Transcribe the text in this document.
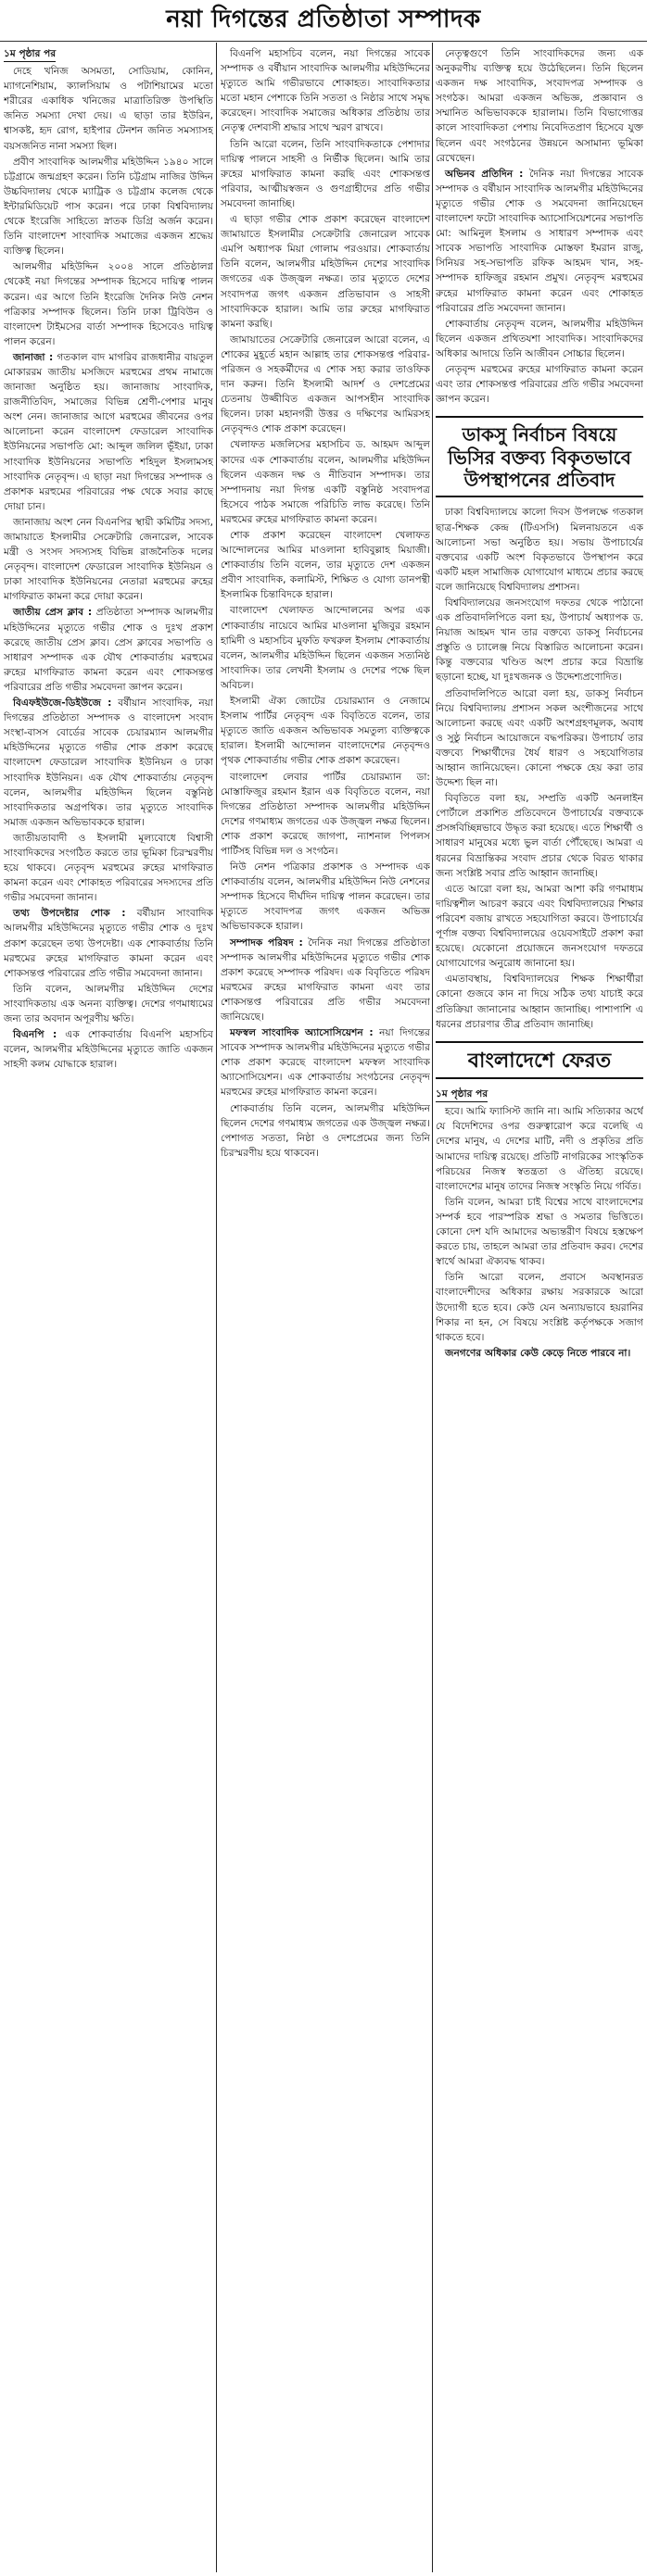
নয়া দিগন্তের প্রতিষ্ঠাতা সম্পাদক
১ম পৃষ্ঠার পর

দেহে খনিজ অসমতা, সোডিয়াম, কোনিন, ম্যাগনেশিয়াম, ক্যালসিয়াম ও পটাশিয়ামের মতো শরীরের একাধিক খনিজের মাত্রাতিরিক্ত উপস্থিতি জনিত সমস্যা দেখা দেয়। এ ছাড়া তার ইউরিন, শ্বাসকষ্ট, হৃদ রোগ, হাইপার টেনশন জনিত সমস্যাসহ বয়সজনিত নানা সমস্যা ছিল।

প্রবীণ সাংবাদিক আলমগীর মহিউদ্দিন ১৯৪০ সালে চট্টগ্রামে জন্মগ্রহণ করেন। তিনি চট্টগ্রাম নাজির উদ্দিন উচ্চবিদ্যালয় থেকে ম্যাট্রিক ও চট্টগ্রাম কলেজ থেকে ইন্টারমিডিয়েট পাস করেন। পরে ঢাকা বিশ্ববিদ্যালয় থেকে ইংরেজি সাহিত্যে স্নাতক ডিগ্রি অর্জন করেন। তিনি বাংলাদেশ সাংবাদিক সমাজের একজন শ্রদ্ধেয় ব্যক্তিত্ব ছিলেন।

আলমগীর মহিউদ্দিন ২০০৪ সালে প্রতিষ্ঠালগ্ন থেকেই নয়া দিগন্তের সম্পাদক হিসেবে দায়িত্ব পালন করেন। এর আগে তিনি ইংরেজি দৈনিক নিউ নেশন পত্রিকার সম্পাদক ছিলেন। তিনি ঢাকা ট্রিবিউন ও বাংলাদেশ টাইমসের বার্তা সম্পাদক হিসেবেও দায়িত্ব পালন করেন।

জানাজা : গতকাল বাদ মাগরিব রাজধানীর বায়তুল মোকাররম জাতীয় মসজিদে মরহুমের প্রথম নামাজে জানাজা অনুষ্ঠিত হয়। জানাজায় সাংবাদিক, রাজনীতিবিদ, সমাজের বিভিন্ন শ্রেণী-পেশার মানুষ অংশ নেন। জানাজার আগে মরহুমের জীবনের ওপর আলোচনা করেন বাংলাদেশ ফেডারেল সাংবাদিক ইউনিয়নের সভাপতি মো: আব্দুল জলিল ভূঁইয়া, ঢাকা সাংবাদিক ইউনিয়নের সভাপতি শহিদুল ইসলামসহ সাংবাদিক নেতৃবৃন্দ। এ ছাড়া নয়া দিগন্তের সম্পাদক ও প্রকাশক মরহুমের পরিবারের পক্ষ থেকে সবার কাছে দোয়া চান।

জানাজায় অংশ নেন বিএনপির স্থায়ী কমিটির সদস্য, জামায়াতে ইসলামীর সেক্রেটারি জেনারেল, সাবেক মন্ত্রী ও সংসদ সদস্যসহ বিভিন্ন রাজনৈতিক দলের নেতৃবৃন্দ। বাংলাদেশ ফেডারেল সাংবাদিক ইউনিয়ন ও ঢাকা সাংবাদিক ইউনিয়নের নেতারা মরহুমের রুহের মাগফিরাত কামনা করে দোয়া করেন।

জাতীয় প্রেস ক্লাব : প্রতিষ্ঠাতা সম্পাদক আলমগীর মহিউদ্দিনের মৃত্যুতে গভীর শোক ও দুঃখ প্রকাশ করেছে জাতীয় প্রেস ক্লাব। প্রেস ক্লাবের সভাপতি ও সাধারণ সম্পাদক এক যৌথ শোকবার্তায় মরহুমের রুহের মাগফিরাত কামনা করেন এবং শোকসন্তপ্ত পরিবারের প্রতি গভীর সমবেদনা জ্ঞাপন করেন।

বিএফইউজে-ডিইউজে : বর্ষীয়ান সাংবাদিক, নয়া দিগন্তের প্রতিষ্ঠাতা সম্পাদক ও বাংলাদেশ সংবাদ সংস্থা-বাসস বোর্ডের সাবেক চেয়ারম্যান আলমগীর মহিউদ্দিনের মৃত্যুতে গভীর শোক প্রকাশ করেছে বাংলাদেশ ফেডারেল সাংবাদিক ইউনিয়ন ও ঢাকা সাংবাদিক ইউনিয়ন। এক যৌথ শোকবার্তায় নেতৃবৃন্দ বলেন, আলমগীর মহিউদ্দিন ছিলেন বস্তুনিষ্ঠ সাংবাদিকতার অগ্রপথিক। তার মৃত্যুতে সাংবাদিক সমাজ একজন অভিভাবককে হারাল।

জাতীয়তাবাদী ও ইসলামী মূল্যবোধে বিশ্বাসী সাংবাদিকদের সংগঠিত করতে তার ভূমিকা চিরস্মরণীয় হয়ে থাকবে। নেতৃবৃন্দ মরহুমের রুহের মাগফিরাত কামনা করেন এবং শোকাহত পরিবারের সদস্যদের প্রতি গভীর সমবেদনা জানান।

তথ্য উপদেষ্টার শোক : বর্ষীয়ান সাংবাদিক আলমগীর মহিউদ্দিনের মৃত্যুতে গভীর শোক ও দুঃখ প্রকাশ করেছেন তথ্য উপদেষ্টা। এক শোকবার্তায় তিনি মরহুমের রুহের মাগফিরাত কামনা করেন এবং শোকসন্তপ্ত পরিবারের প্রতি গভীর সমবেদনা জানান।

তিনি বলেন, আলমগীর মহিউদ্দিন দেশের সাংবাদিকতায় এক অনন্য ব্যক্তিত্ব। দেশের গণমাধ্যমের জন্য তার অবদান অপূরণীয় ক্ষতি।

বিএনপি : এক শোকবার্তায় বিএনপি মহাসচিব বলেন, আলমগীর মহিউদ্দিনের মৃত্যুতে জাতি একজন সাহসী কলম যোদ্ধাকে হারাল।

বিএনপি মহাসচিব বলেন, নয়া দিগন্তের সাবেক সম্পাদক ও বর্ষীয়ান সাংবাদিক আলমগীর মহিউদ্দিনের মৃত্যুতে আমি গভীরভাবে শোকাহত। সাংবাদিকতার মতো মহান পেশাকে তিনি সততা ও নিষ্ঠার সাথে সমৃদ্ধ করেছেন। সাংবাদিক সমাজের অধিকার প্রতিষ্ঠায় তার নেতৃত্ব দেশবাসী শ্রদ্ধার সাথে স্মরণ রাখবে।

তিনি আরো বলেন, তিনি সাংবাদিকতাকে পেশাদার দায়িত্ব পালনে সাহসী ও নির্ভীক ছিলেন। আমি তার রুহের মাগফিরাত কামনা করছি এবং শোকসন্তপ্ত পরিবার, আত্মীয়স্বজন ও গুণগ্রাহীদের প্রতি গভীর সমবেদনা জানাচ্ছি।

এ ছাড়া গভীর শোক প্রকাশ করেছেন বাংলাদেশ জামায়াতে ইসলামীর সেক্রেটারি জেনারেল সাবেক এমপি অধ্যাপক মিয়া গোলাম পরওয়ার। শোকবার্তায় তিনি বলেন, আলমগীর মহিউদ্দিন দেশের সাংবাদিক জগতের এক উজ্জ্বল নক্ষত্র। তার মৃত্যুতে দেশের সংবাদপত্র জগৎ একজন প্রতিভাবান ও সাহসী সাংবাদিককে হারাল। আমি তার রুহের মাগফিরাত কামনা করছি।

জামায়াতের সেক্রেটারি জেনারেল আরো বলেন, এ শোকের মুহূর্তে মহান আল্লাহ তার শোকসন্তপ্ত পরিবার-পরিজন ও সহকর্মীদের এ শোক সহ্য করার তাওফিক দান করুন। তিনি ইসলামী আদর্শ ও দেশপ্রেমের চেতনায় উজ্জীবিত একজন আপসহীন সাংবাদিক ছিলেন। ঢাকা মহানগরী উত্তর ও দক্ষিণের আমিরসহ নেতৃবৃন্দও শোক প্রকাশ করেছেন।

খেলাফত মজলিসের মহাসচিব ড. আহমদ আব্দুল কাদের এক শোকবার্তায় বলেন, আলমগীর মহিউদ্দিন ছিলেন একজন দক্ষ ও নীতিবান সম্পাদক। তার সম্পাদনায় নয়া দিগন্ত একটি বস্তুনিষ্ঠ সংবাদপত্র হিসেবে পাঠক সমাজে পরিচিতি লাভ করেছে। তিনি মরহুমের রুহের মাগফিরাত কামনা করেন।

শোক প্রকাশ করেছেন বাংলাদেশ খেলাফত আন্দোলনের আমির মাওলানা হাবিবুল্লাহ মিয়াজী। শোকবার্তায় তিনি বলেন, তার মৃত্যুতে দেশ একজন প্রবীণ সাংবাদিক, কলামিস্ট, শিক্ষিত ও যোগ্য ডানপন্থী ইসলামিক চিন্তাবিদকে হারাল।

বাংলাদেশ খেলাফত আন্দোলনের অপর এক শোকবার্তায় নায়েবে আমির মাওলানা মুজিবুর রহমান হামিদী ও মহাসচিব মুফতি ফখরুল ইসলাম শোকবার্তায় বলেন, আলমগীর মহিউদ্দিন ছিলেন একজন সত্যনিষ্ঠ সাংবাদিক। তার লেখনী ইসলাম ও দেশের পক্ষে ছিল অবিচল।

ইসলামী ঐক্য জোটের চেয়ারম্যান ও নেজামে ইসলাম পার্টির নেতৃবৃন্দ এক বিবৃতিতে বলেন, তার মৃত্যুতে জাতি একজন অভিভাবক সমতুল্য ব্যক্তিত্বকে হারাল। ইসলামী আন্দোলন বাংলাদেশের নেতৃবৃন্দও পৃথক শোকবার্তায় গভীর শোক প্রকাশ করেছেন।

বাংলাদেশ লেবার পার্টির চেয়ারম্যান ডা: মোস্তাফিজুর রহমান ইরান এক বিবৃতিতে বলেন, নয়া দিগন্তের প্রতিষ্ঠাতা সম্পাদক আলমগীর মহিউদ্দিন দেশের গণমাধ্যম জগতের এক উজ্জ্বল নক্ষত্র ছিলেন। শোক প্রকাশ করেছে জাগপা, ন্যাশনাল পিপলস পার্টিসহ বিভিন্ন দল ও সংগঠন।

নিউ নেশন পত্রিকার প্রকাশক ও সম্পাদক এক শোকবার্তায় বলেন, আলমগীর মহিউদ্দিন নিউ নেশনের সম্পাদক হিসেবে দীর্ঘদিন দায়িত্ব পালন করেছেন। তার মৃত্যুতে সংবাদপত্র জগৎ একজন অভিজ্ঞ অভিভাবককে হারাল।

সম্পাদক পরিষদ : দৈনিক নয়া দিগন্তের প্রতিষ্ঠাতা সম্পাদক আলমগীর মহিউদ্দিনের মৃত্যুতে গভীর শোক প্রকাশ করেছে সম্পাদক পরিষদ। এক বিবৃতিতে পরিষদ মরহুমের রুহের মাগফিরাত কামনা এবং তার শোকসন্তপ্ত পরিবারের প্রতি গভীর সমবেদনা জানিয়েছে।

মফস্বল সাংবাদিক অ্যাসোসিয়েশন : নয়া দিগন্তের সাবেক সম্পাদক আলমগীর মহিউদ্দিনের মৃত্যুতে গভীর শোক প্রকাশ করেছে বাংলাদেশ মফস্বল সাংবাদিক অ্যাসোসিয়েশন। এক শোকবার্তায় সংগঠনের নেতৃবৃন্দ মরহুমের রুহের মাগফিরাত কামনা করেন।

শোকবার্তায় তিনি বলেন, আলমগীর মহিউদ্দিন ছিলেন দেশের গণমাধ্যম জগতের এক উজ্জ্বল নক্ষত্র। পেশাগত সততা, নিষ্ঠা ও দেশপ্রেমের জন্য তিনি চিরস্মরণীয় হয়ে থাকবেন।

নেতৃত্বগুণে তিনি সাংবাদিকদের জন্য এক অনুকরণীয় ব্যক্তিত্ব হয়ে উঠেছিলেন। তিনি ছিলেন একজন দক্ষ সাংবাদিক, সংবাদপত্র সম্পাদক ও সংগঠক। আমরা একজন অভিজ্ঞ, প্রজ্ঞাবান ও সম্মানিত অভিভাবককে হারালাম। তিনি বিভাগোত্তর কালে সাংবাদিকতা পেশায় নিবেদিতপ্রাণ হিসেবে যুক্ত ছিলেন এবং সংগঠনের উন্নয়নে অসামান্য ভূমিকা রেখেছেন।

অভিনব প্রতিদিন : দৈনিক নয়া দিগন্তের সাবেক সম্পাদক ও বর্ষীয়ান সাংবাদিক আলমগীর মহিউদ্দিনের মৃত্যুতে গভীর শোক ও সমবেদনা জানিয়েছেন বাংলাদেশ ফটো সাংবাদিক অ্যাসোসিয়েশনের সভাপতি মো: আমিনুল ইসলাম ও সাধারণ সম্পাদক এবং সাবেক সভাপতি সাংবাদিক মোস্তফা ইমরান রাজু, সিনিয়র সহ-সভাপতি রফিক আহমদ খান, সহ-সম্পাদক হাফিজুর রহমান প্রমুখ। নেতৃবৃন্দ মরহুমের রুহের মাগফিরাত কামনা করেন এবং শোকাহত পরিবারের প্রতি সমবেদনা জানান।

শোকবার্তায় নেতৃবৃন্দ বলেন, আলমগীর মহিউদ্দিন ছিলেন একজন প্রথিতযশা সাংবাদিক। সাংবাদিকদের অধিকার আদায়ে তিনি আজীবন সোচ্চার ছিলেন।

নেতৃবৃন্দ মরহুমের রুহের মাগফিরাত কামনা করেন এবং তার শোকসন্তপ্ত পরিবারের প্রতি গভীর সমবেদনা জ্ঞাপন করেন।

ডাকসু নির্বাচন বিষয়ে ভিসির বক্তব্য বিকৃতভাবে উপস্থাপনের প্রতিবাদ

ঢাকা বিশ্ববিদ্যালয়ে কালো দিবস উপলক্ষে গতকাল ছাত্র-শিক্ষক কেন্দ্র (টিএসসি) মিলনায়তনে এক আলোচনা সভা অনুষ্ঠিত হয়। সভায় উপাচার্যের বক্তব্যের একটি অংশ বিকৃতভাবে উপস্থাপন করে একটি মহল সামাজিক যোগাযোগ মাধ্যমে প্রচার করছে বলে জানিয়েছে বিশ্ববিদ্যালয় প্রশাসন।

বিশ্ববিদ্যালয়ের জনসংযোগ দফতর থেকে পাঠানো এক প্রতিবাদলিপিতে বলা হয়, উপাচার্য অধ্যাপক ড. নিয়াজ আহমদ খান তার বক্তব্যে ডাকসু নির্বাচনের প্রস্তুতি ও চ্যালেঞ্জ নিয়ে বিস্তারিত আলোচনা করেন। কিন্তু বক্তব্যের খণ্ডিত অংশ প্রচার করে বিভ্রান্তি ছড়ানো হচ্ছে, যা দুঃখজনক ও উদ্দেশ্যপ্রণোদিত।

প্রতিবাদলিপিতে আরো বলা হয়, ডাকসু নির্বাচন নিয়ে বিশ্ববিদ্যালয় প্রশাসন সকল অংশীজনের সাথে আলোচনা করছে এবং একটি অংশগ্রহণমূলক, অবাধ ও সুষ্ঠু নির্বাচন আয়োজনে বদ্ধপরিকর। উপাচার্য তার বক্তব্যে শিক্ষার্থীদের ধৈর্য ধারণ ও সহযোগিতার আহ্বান জানিয়েছেন। কোনো পক্ষকে হেয় করা তার উদ্দেশ্য ছিল না।

বিবৃতিতে বলা হয়, সম্প্রতি একটি অনলাইন পোর্টালে প্রকাশিত প্রতিবেদনে উপাচার্যের বক্তব্যকে প্রসঙ্গবিচ্ছিন্নভাবে উদ্ধৃত করা হয়েছে। এতে শিক্ষার্থী ও সাধারণ মানুষের মধ্যে ভুল বার্তা পৌঁছেছে। আমরা এ ধরনের বিভ্রান্তিকর সংবাদ প্রচার থেকে বিরত থাকার জন্য সংশ্লিষ্ট সবার প্রতি আহ্বান জানাচ্ছি।

এতে আরো বলা হয়, আমরা আশা করি গণমাধ্যম দায়িত্বশীল আচরণ করবে এবং বিশ্ববিদ্যালয়ের শিক্ষার পরিবেশ বজায় রাখতে সহযোগিতা করবে। উপাচার্যের পূর্ণাঙ্গ বক্তব্য বিশ্ববিদ্যালয়ের ওয়েবসাইটে প্রকাশ করা হয়েছে। যেকোনো প্রয়োজনে জনসংযোগ দফতরে যোগাযোগের অনুরোধ জানানো হয়।

এমতাবস্থায়, বিশ্ববিদ্যালয়ের শিক্ষক শিক্ষার্থীরা কোনো গুজবে কান না দিয়ে সঠিক তথ্য যাচাই করে প্রতিক্রিয়া জানানোর আহ্বান জানাচ্ছি। পাশাপাশি এ ধরনের প্রচারণার তীব্র প্রতিবাদ জানাচ্ছি।

বাংলাদেশে ফেরত
১ম পৃষ্ঠার পর

হবে। আমি ফ্যাসিস্ট জানি না। আমি সত্যিকার অর্থে যে বিদেশিদের ওপর গুরুত্বারোপ করে বলেছি এ দেশের মানুষ, এ দেশের মাটি, নদী ও প্রকৃতির প্রতি আমাদের দায়িত্ব রয়েছে। প্রতিটি নাগরিকের সাংস্কৃতিক পরিচয়ের নিজস্ব স্বতন্ত্রতা ও ঐতিহ্য রয়েছে। বাংলাদেশের মানুষ তাদের নিজস্ব সংস্কৃতি নিয়ে গর্বিত।

তিনি বলেন, আমরা চাই বিশ্বের সাথে বাংলাদেশের সম্পর্ক হবে পারস্পরিক শ্রদ্ধা ও সমতার ভিত্তিতে। কোনো দেশ যদি আমাদের অভ্যন্তরীণ বিষয়ে হস্তক্ষেপ করতে চায়, তাহলে আমরা তার প্রতিবাদ করব। দেশের স্বার্থে আমরা ঐক্যবদ্ধ থাকব।

তিনি আরো বলেন, প্রবাসে অবস্থানরত বাংলাদেশীদের অধিকার রক্ষায় সরকারকে আরো উদ্যোগী হতে হবে। কেউ যেন অন্যায়ভাবে হয়রানির শিকার না হন, সে বিষয়ে সংশ্লিষ্ট কর্তৃপক্ষকে সজাগ থাকতে হবে।

জনগণের অধিকার কেউ কেড়ে নিতে পারবে না।
